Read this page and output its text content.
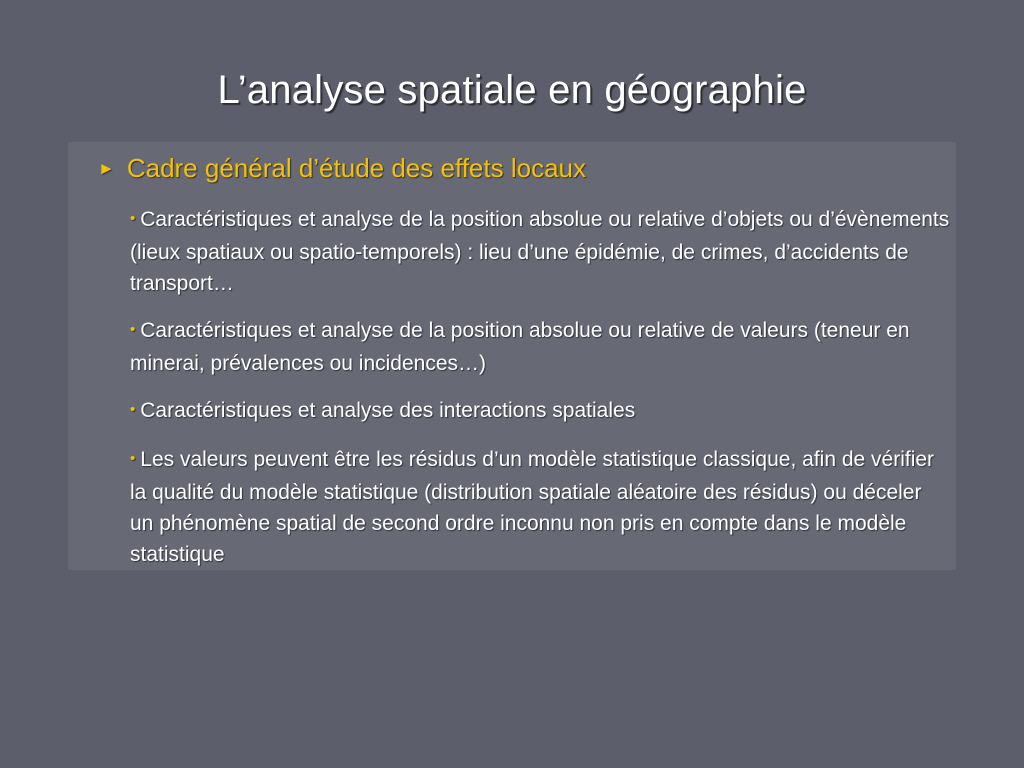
L’analyse spatiale en géographie
► Cadre général d’étude des effets locaux
• Caractéristiques et analyse de la position absolue ou relative d’objets ou d’évènements (lieux spatiaux ou spatio-temporels) : lieu d’une épidémie, de crimes, d’accidents de transport…
• Caractéristiques et analyse de la position absolue ou relative de valeurs (teneur en minerai, prévalences ou incidences…)
• Caractéristiques et analyse des interactions spatiales
• Les valeurs peuvent être les résidus d’un modèle statistique classique, afin de vérifier la qualité du modèle statistique (distribution spatiale aléatoire des résidus) ou déceler un phénomène spatial de second ordre inconnu non pris en compte dans le modèle statistique
